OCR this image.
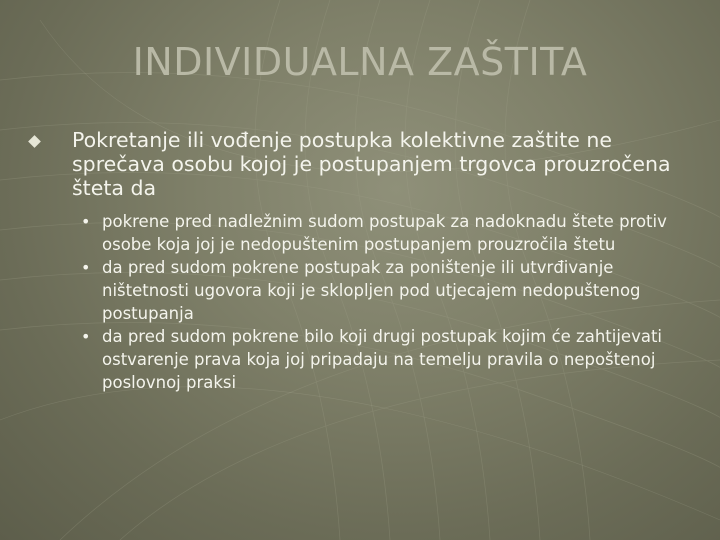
INDIVIDUALNA ZAŠTITA
Pokretanje ili vođenje postupka kolektivne zaštite ne sprečava osobu kojoj je postupanjem trgovca prouzročena šteta da
• pokrene pred nadležnim sudom postupak za nadoknadu štete protiv osobe koja joj je nedopuštenim postupanjem prouzročila štetu
• da pred sudom pokrene postupak za poništenje ili utvrđivanje ništetnosti ugovora koji je sklopljen pod utjecajem nedopuštenog postupanja
• da pred sudom pokrene bilo koji drugi postupak kojim će zahtijevati ostvarenje prava koja joj pripadaju na temelju pravila o nepoštenoj poslovnoj praksi
